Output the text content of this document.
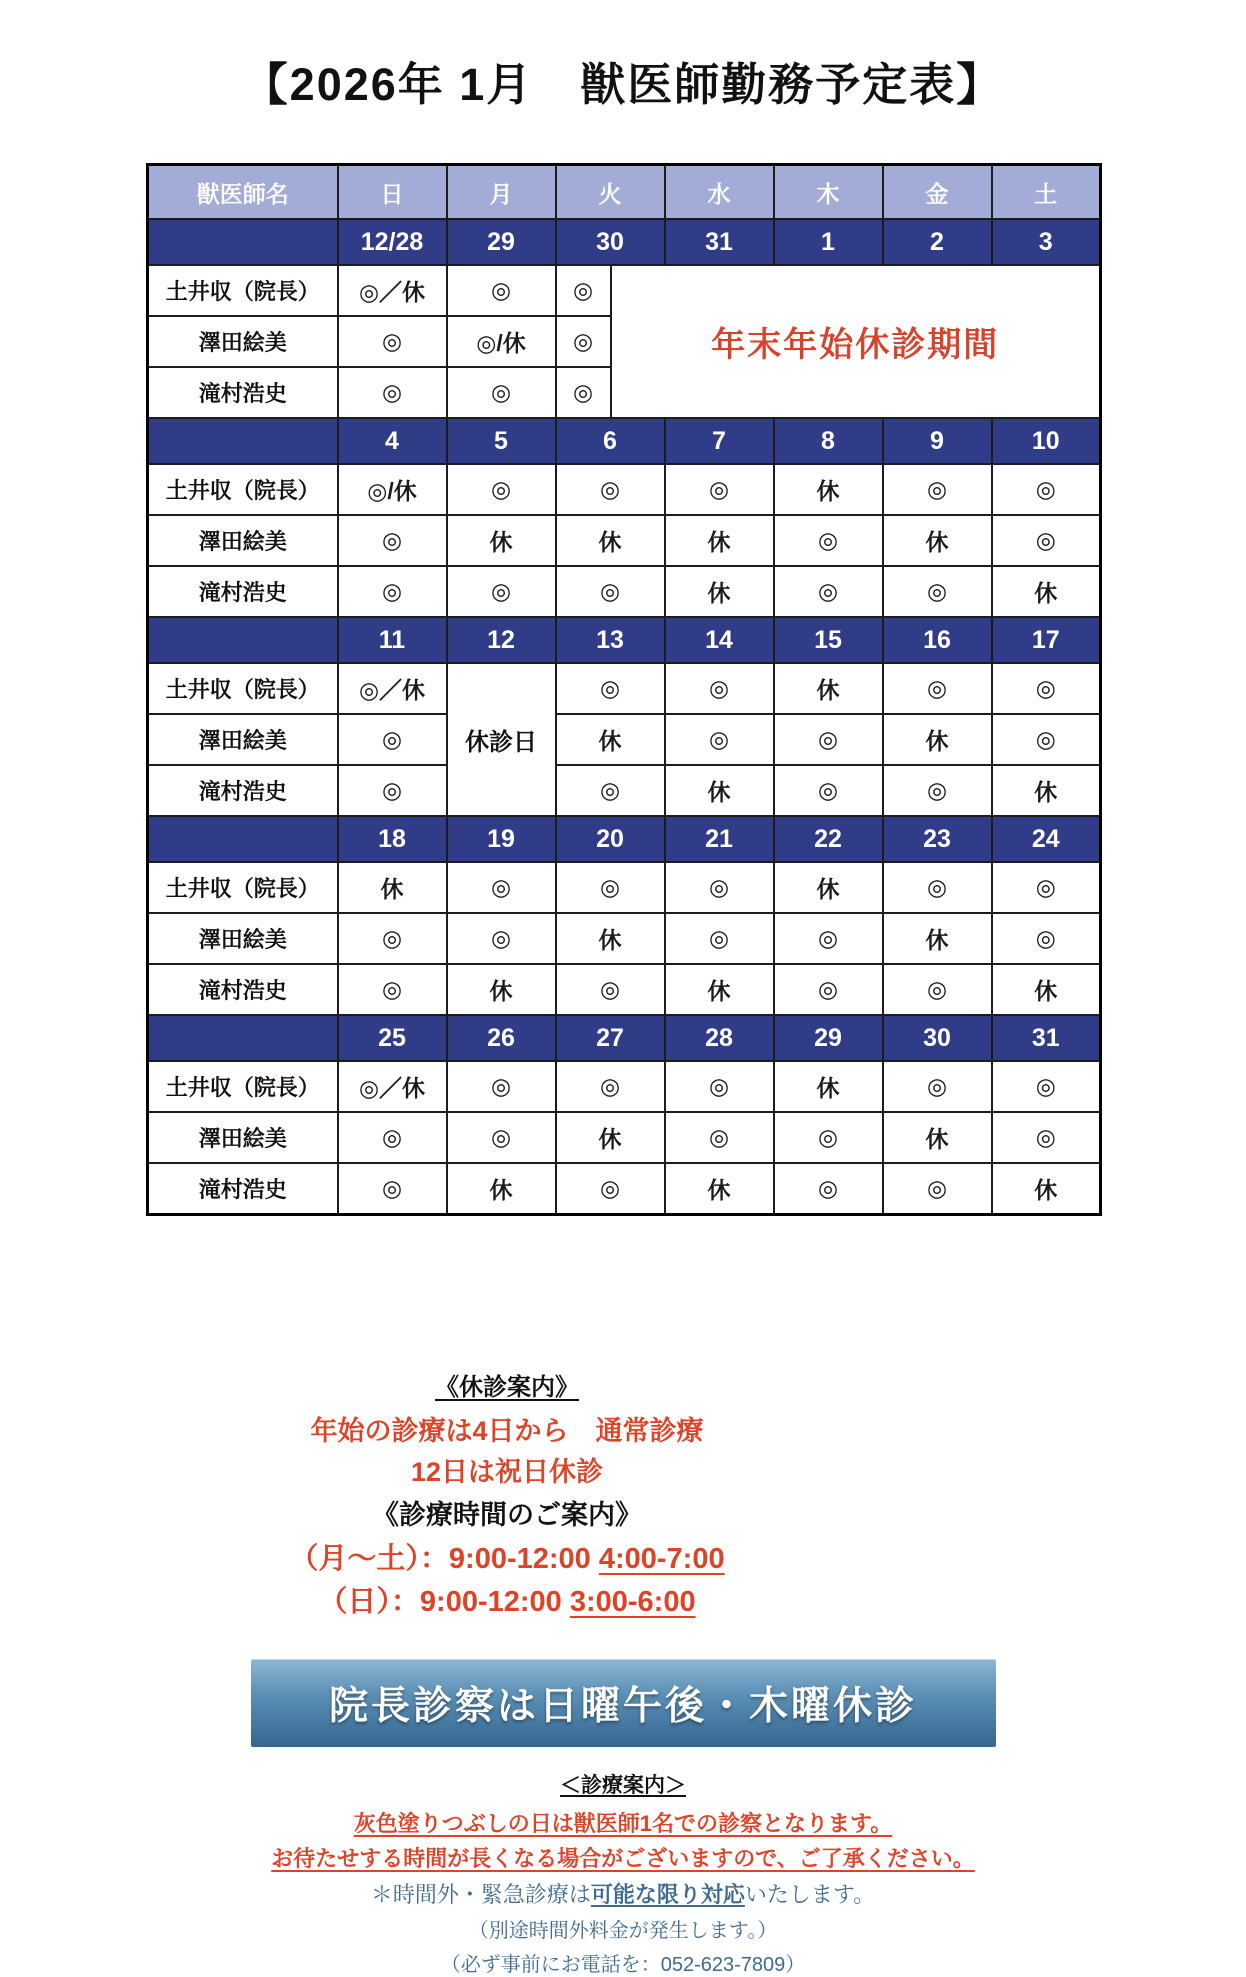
【2026年 1月　獣医師勤務予定表】
獣医師名	日	月	火		水	木	金	土
	12/28	29	30		31	1	2	3
土井収（院長）	◎／休	◎	◎	年末年始休診期間				
澤田絵美	◎	◎/休	◎					
滝村浩史	◎	◎	◎					
	4	5	6		7	8	9	10
土井収（院長）	◎/休	◎	◎		◎	休	◎	◎
澤田絵美	◎	休	休		休	◎	休	◎
滝村浩史	◎	◎	◎		休	◎	◎	休
	11	12	13		14	15	16	17
土井収（院長）	◎／休	休診日	◎		◎	休	◎	◎
澤田絵美	◎		休		◎	◎	休	◎
滝村浩史	◎		◎		休	◎	◎	休
	18	19	20		21	22	23	24
土井収（院長）	休	◎	◎		◎	休	◎	◎
澤田絵美	◎	◎	休		◎	◎	休	◎
滝村浩史	◎	休	◎		休	◎	◎	休
	25	26	27		28	29	30	31
土井収（院長）	◎／休	◎	◎		◎	休	◎	◎
澤田絵美	◎	◎	休		◎	◎	休	◎
滝村浩史	◎	休	◎		休	◎	◎	休
《休診案内》
年始の診療は4日から　通常診療
12日は祝日休診
《診療時間のご案内》
（月～土）：9:00-12:00 4:00-7:00
（日）：9:00-12:00 3:00-6:00
院長診察は日曜午後・木曜休診
＜診療案内＞
灰色塗りつぶしの日は獣医師1名での診察となります。
お待たせする時間が長くなる場合がございますので、ご了承ください。
＊時間外・緊急診療は可能な限り対応いたします。
（別途時間外料金が発生します。）
（必ず事前にお電話を：052-623-7809）
